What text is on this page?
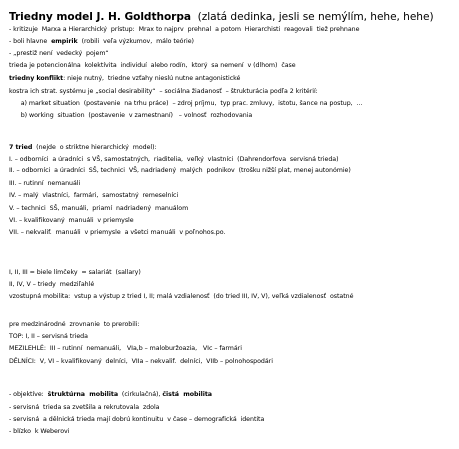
Triedny model J. H. Goldthorpa  (zlatá dedinka, jesli se nemýlím, hehe, hehe)
- kritizuje  Marxa a Hierarchický  prístup:  Mrax to najprv  prehnal  a potom  Hierarchisti  reagovali  tiež prehnane
- boli hlavne  empirik  (robili  veľa výzkumov,  málo teórie)
- „prestiž není  vedecký  pojem“
trieda je potencionálna  kolektívita  individuí  alebo rodín,  ktorý  sa nemení  v (dlhom)  čase
triedny konflikt: nieje nutný,  triedne vzťahy nieslú nutne antagonistické
kostra ich strat. systému je „social desirability“  – sociálna žiadanosť  – štrukturácia podľa 2 kritérií:
a) market situation  (postavenie  na trhu práce)  – zdroj príjmu,  typ prac. zmluvy,  istotu, šance na postup,  ...
b) working  situation  (postavenie  v zamestnaní)   – volnosť  rozhodovania
7 tried  (nejde  o striktne hierarchický  model):
I. – odborníci  a úradníci  s VŠ, samostatných,  riaditelia,  veľký  vlastníci  (Dahrendorfova  servisná trieda)
II. – odborníci  a úradníci  SŠ, technici  VŠ, nadriadený  malých  podnikov  (trošku nižší plat, menej autonómie)
III. – rutinní  nemanuáli
IV. – malý  vlastníci,  farmári,  samostatný  remeselníci
V. – technici  SŠ, manuáli,  priamí  nadriadený  manuálom
VI. – kvalifikovaný  manuáli  v priemysle
VII. – nekvalif.  manuáli  v priemysle  a všetci manuáli  v poľnohos.po.
I, II, III = biele límčeky  = salariát  (sallary)
II, IV, V – triedy  medziľahlé
vzostupná mobilita:  vstup a výstup z tried I, II; malá vzdialenosť  (do tried III, IV, V), veľká vzdialenosť  ostatné
pre medzinárodné  zrovnanie  to prerobili:
TOP: I, II – servisná trieda
MEZILEHLÉ:  III – rutinní  nemanuáli,   VIa,b – maloburžoazia,   VIc – farmári
DĚLNÍCI:  V, VI – kvalifikovaný  delníci,  VIIa – nekvalif.  delníci,  VIIb – polnohospodári
- objektíve:  štruktúrna  mobilita  (cirkulačná), čistá  mobilita
- servisná  trieda sa zvetšila a rekrutovala  zdola
- servisná  a dělnická trieda mají dobrú kontinuitu  v čase – demografická  identita
- blízko  k Weberovi
